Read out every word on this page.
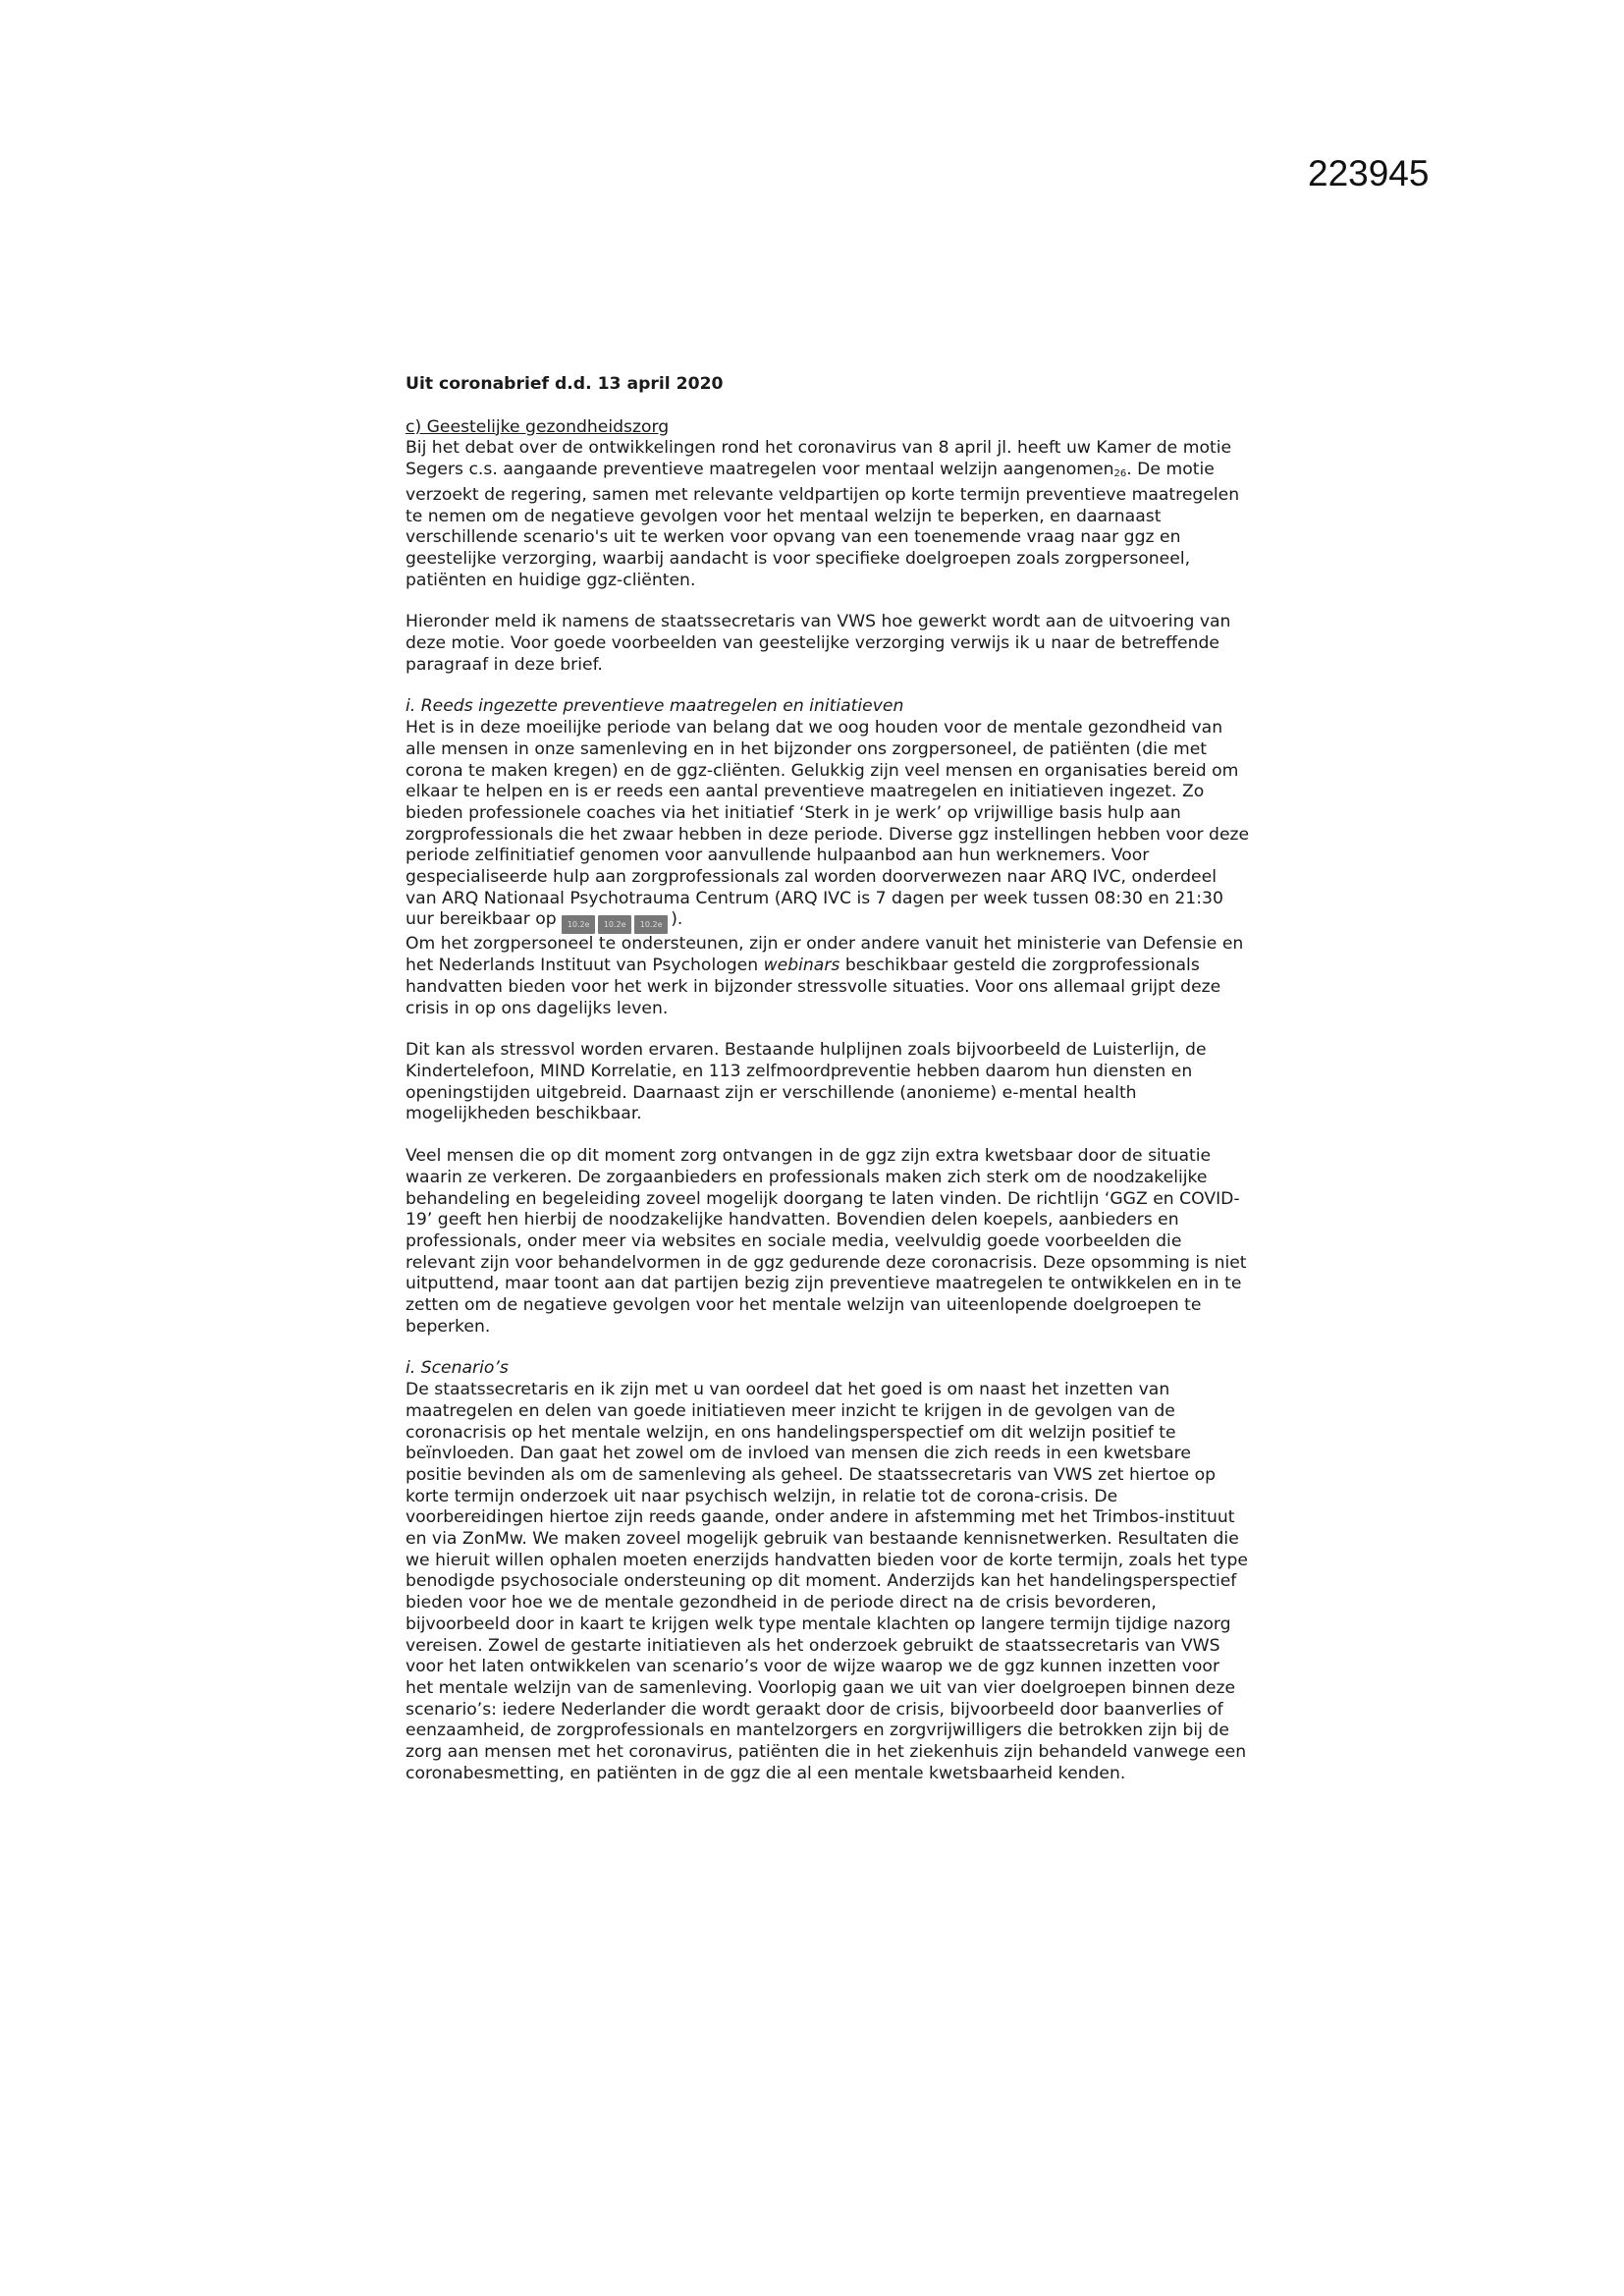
223945
Uit coronabrief d.d. 13 april 2020
c) Geestelijke gezondheidszorg

Bij het debat over de ontwikkelingen rond het coronavirus van 8 april jl. heeft uw Kamer de motie Segers c.s. aangaande preventieve maatregelen voor mentaal welzijn aangenomen$_{26}$. De motie verzoekt de regering, samen met relevante veldpartijen op korte termijn preventieve maatregelen te nemen om de negatieve gevolgen voor het mentaal welzijn te beperken, en daarnaast verschillende scenario's uit te werken voor opvang van een toenemende vraag naar ggz en geestelijke verzorging, waarbij aandacht is voor specifieke doelgroepen zoals zorgpersoneel, patiënten en huidige ggz-cliënten.

Hieronder meld ik namens de staatssecretaris van VWS hoe gewerkt wordt aan de uitvoering van deze motie. Voor goede voorbeelden van geestelijke verzorging verwijs ik u naar de betreffende paragraaf in deze brief.

i. Reeds ingezette preventieve maatregelen en initiatieven

Het is in deze moeilijke periode van belang dat we oog houden voor de mentale gezondheid van alle mensen in onze samenleving en in het bijzonder ons zorgpersoneel, de patiënten (die met corona te maken kregen) en de ggz-cliënten. Gelukkig zijn veel mensen en organisaties bereid om elkaar te helpen en is er reeds een aantal preventieve maatregelen en initiatieven ingezet. Zo bieden professionele coaches via het initiatief ‘Sterk in je werk’ op vrijwillige basis hulp aan zorgprofessionals die het zwaar hebben in deze periode. Diverse ggz instellingen hebben voor deze periode zelfinitiatief genomen voor aanvullende hulpaanbod aan hun werknemers. Voor gespecialiseerde hulp aan zorgprofessionals zal worden doorverwezen naar ARQ IVC, onderdeel van ARQ Nationaal Psychotrauma Centrum (ARQ IVC is 7 dagen per week tussen 08:30 en 21:30 uur bereikbaar op 10.2e 10.2e 10.2e ).

Om het zorgpersoneel te ondersteunen, zijn er onder andere vanuit het ministerie van Defensie en het Nederlands Instituut van Psychologen webinars beschikbaar gesteld die zorgprofessionals handvatten bieden voor het werk in bijzonder stressvolle situaties. Voor ons allemaal grijpt deze crisis in op ons dagelijks leven.

Dit kan als stressvol worden ervaren. Bestaande hulplijnen zoals bijvoorbeeld de Luisterlijn, de Kindertelefoon, MIND Korrelatie, en 113 zelfmoordpreventie hebben daarom hun diensten en openingstijden uitgebreid. Daarnaast zijn er verschillende (anonieme) e-mental health mogelijkheden beschikbaar.

Veel mensen die op dit moment zorg ontvangen in de ggz zijn extra kwetsbaar door de situatie waarin ze verkeren. De zorgaanbieders en professionals maken zich sterk om de noodzakelijke behandeling en begeleiding zoveel mogelijk doorgang te laten vinden. De richtlijn ‘GGZ en COVID-19’ geeft hen hierbij de noodzakelijke handvatten. Bovendien delen koepels, aanbieders en professionals, onder meer via websites en sociale media, veelvuldig goede voorbeelden die relevant zijn voor behandelvormen in de ggz gedurende deze coronacrisis. Deze opsomming is niet uitputtend, maar toont aan dat partijen bezig zijn preventieve maatregelen te ontwikkelen en in te zetten om de negatieve gevolgen voor het mentale welzijn van uiteenlopende doelgroepen te beperken.

i. Scenario’s

De staatssecretaris en ik zijn met u van oordeel dat het goed is om naast het inzetten van maatregelen en delen van goede initiatieven meer inzicht te krijgen in de gevolgen van de coronacrisis op het mentale welzijn, en ons handelingsperspectief om dit welzijn positief te beïnvloeden. Dan gaat het zowel om de invloed van mensen die zich reeds in een kwetsbare positie bevinden als om de samenleving als geheel. De staatssecretaris van VWS zet hiertoe op korte termijn onderzoek uit naar psychisch welzijn, in relatie tot de corona-crisis. De voorbereidingen hiertoe zijn reeds gaande, onder andere in afstemming met het Trimbos-instituut en via ZonMw. We maken zoveel mogelijk gebruik van bestaande kennisnetwerken. Resultaten die we hieruit willen ophalen moeten enerzijds handvatten bieden voor de korte termijn, zoals het type benodigde psychosociale ondersteuning op dit moment. Anderzijds kan het handelingsperspectief bieden voor hoe we de mentale gezondheid in de periode direct na de crisis bevorderen, bijvoorbeeld door in kaart te krijgen welk type mentale klachten op langere termijn tijdige nazorg vereisen. Zowel de gestarte initiatieven als het onderzoek gebruikt de staatssecretaris van VWS voor het laten ontwikkelen van scenario’s voor de wijze waarop we de ggz kunnen inzetten voor het mentale welzijn van de samenleving. Voorlopig gaan we uit van vier doelgroepen binnen deze scenario’s: iedere Nederlander die wordt geraakt door de crisis, bijvoorbeeld door baanverlies of eenzaamheid, de zorgprofessionals en mantelzorgers en zorgvrijwilligers die betrokken zijn bij de zorg aan mensen met het coronavirus, patiënten die in het ziekenhuis zijn behandeld vanwege een coronabesmetting, en patiënten in de ggz die al een mentale kwetsbaarheid kenden.
